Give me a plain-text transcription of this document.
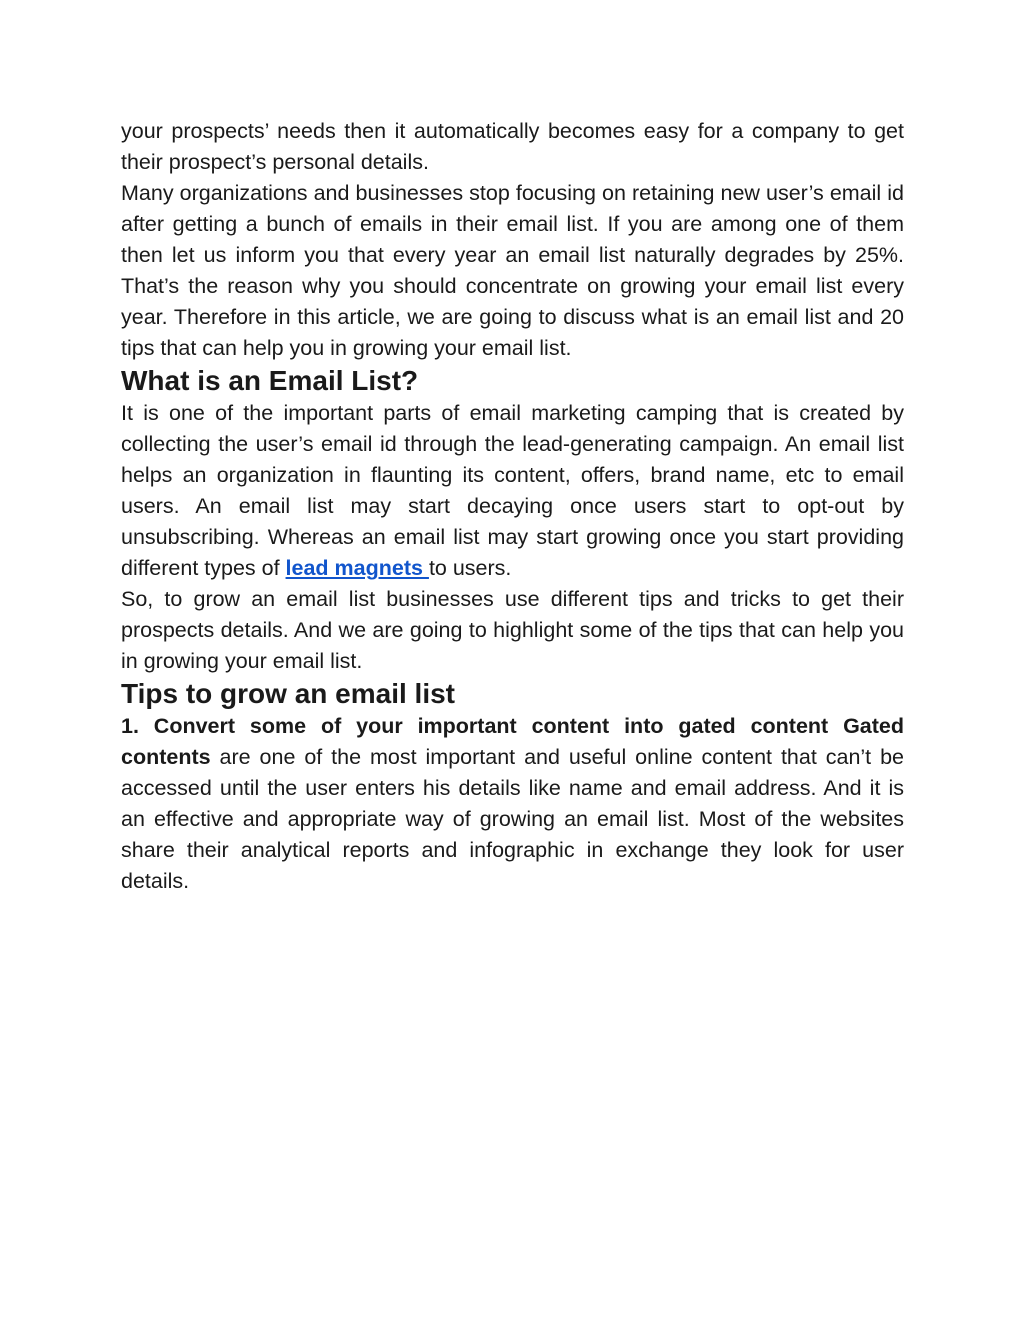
your prospects’ needs then it automatically becomes easy for a company to get their prospect’s personal details.

Many organizations and businesses stop focusing on retaining new user’s email id after getting a bunch of emails in their email list. If you are among one of them then let us inform you that every year an email list naturally degrades by 25%. That’s the reason why you should concentrate on growing your email list every year. Therefore in this article, we are going to discuss what is an email list and 20 tips that can help you in growing your email list.

What is an Email List?

It is one of the important parts of email marketing camping that is created by collecting the user’s email id through the lead-generating campaign. An email list helps an organization in flaunting its content, offers, brand name, etc to email users. An email list may start decaying once users start to opt-out by unsubscribing. Whereas an email list may start growing once you start providing different types of lead magnets to users.

So, to grow an email list businesses use different tips and tricks to get their prospects details. And we are going to highlight some of the tips that can help you in growing your email list.

Tips to grow an email list

1. Convert some of your important content into gated content Gated contents are one of the most important and useful online content that can’t be accessed until the user enters his details like name and email address. And it is an effective and appropriate way of growing an email list. Most of the websites share their analytical reports and infographic in exchange they look for user details.
